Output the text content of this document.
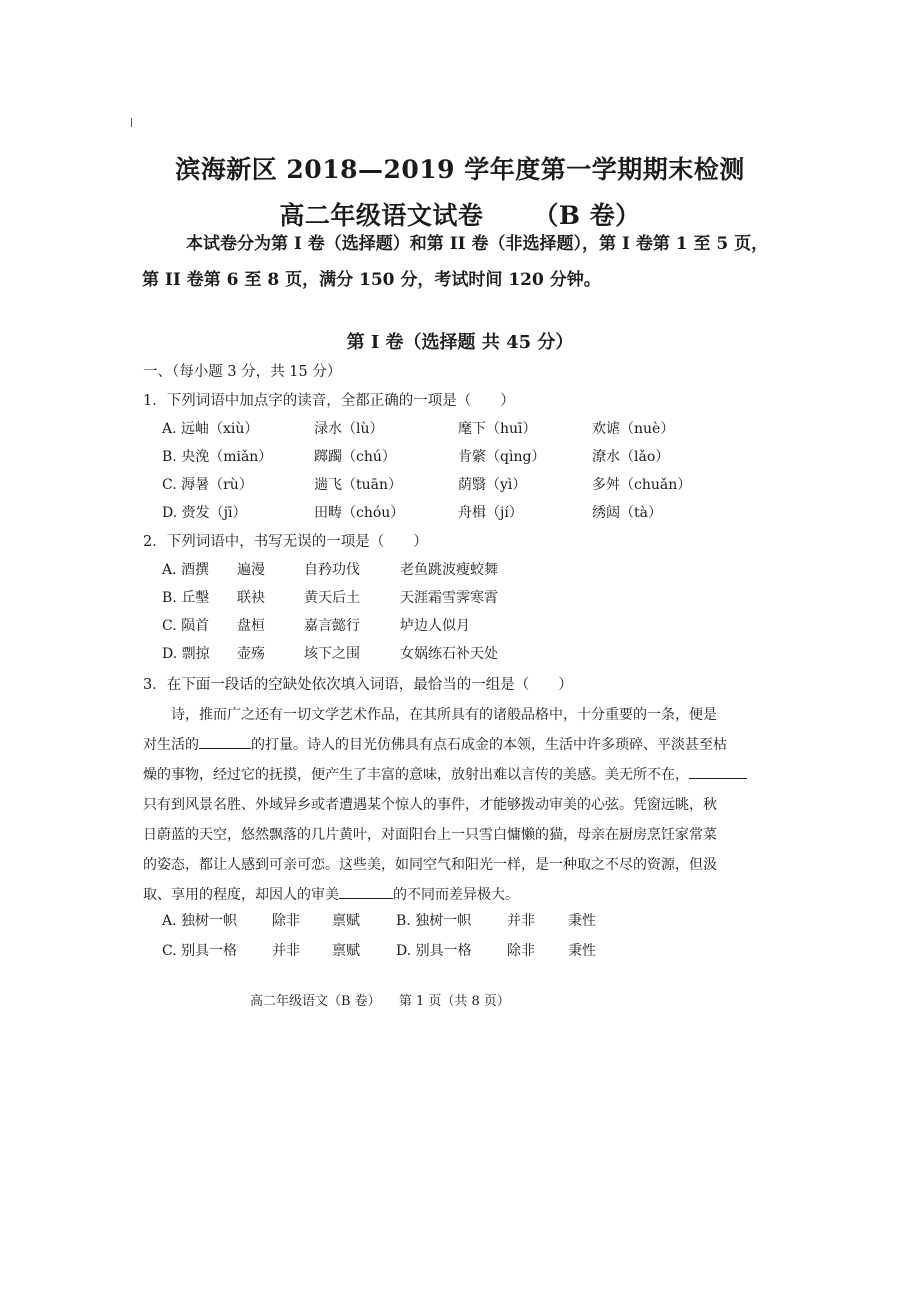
滨海新区 2018—2019 学年度第一学期期末检测
高二年级语文试卷 （B 卷）

本试卷分为第 I 卷（选择题）和第 II 卷（非选择题），第 I 卷第 1 至 5 页，

第 II 卷第 6 至 8 页，满分 150 分，考试时间 120 分钟。

第 I 卷（选择题 共 45 分）
一、（每小题 3 分，共 15 分）
1．下列词语中加点字的读音，全都正确的一项是（　　）
A. 远岫（xiù）	渌水（lù）	麾下（huī）	欢谑（nuè）
B. 央浼（miǎn）	踯躅（chú）	肯綮（qìng）	潦水（lǎo）
C. 溽暑（rù）	遄飞（tuān）	荫翳（yì）	多舛（chuǎn）
D. 赍发（jī）	田畴（chóu）	舟楫（jí）	绣闼（tà）
2．下列词语中，书写无误的一项是（　　）
A. 酒撰 遍漫	自矜功伐	老鱼跳波瘦蛟舞
B. 丘墼 联袂	黄天后土	天涯霜雪霁寒霄
C. 陨首 盘桓	嘉言懿行	垆边人似月
D. 剽掠 壶殇	垓下之围	女娲练石补天处
3．在下面一段话的空缺处依次填入词语，最恰当的一组是（　　）

诗，推而广之还有一切文学艺术作品，在其所具有的诸般品格中，十分重要的一条，便是

对生活的	的打量。诗人的目光仿佛具有点石成金的本领，生活中许多琐碎、平淡甚至枯

燥的事物，经过它的抚摸，便产生了丰富的意味，放射出难以言传的美感。美无所不在，

只有到风景名胜、外域异乡或者遭遇某个惊人的事件，才能够拨动审美的心弦。凭窗远眺，秋

日蔚蓝的天空，悠然飘落的几片黄叶，对面阳台上一只雪白慵懒的猫，母亲在厨房烹饪家常菜

的姿态，都让人感到可亲可恋。这些美，如同空气和阳光一样，是一种取之不尽的资源，但汲

取、享用的程度，却因人的审美	的不同而差异极大。

A. 独树一帜 除非 禀赋	B. 独树一帜	并非 秉性
C. 别具一格 并非 禀赋	D. 别具一格	除非 秉性
高二年级语文（B 卷） 第 1 页（共 8 页）
